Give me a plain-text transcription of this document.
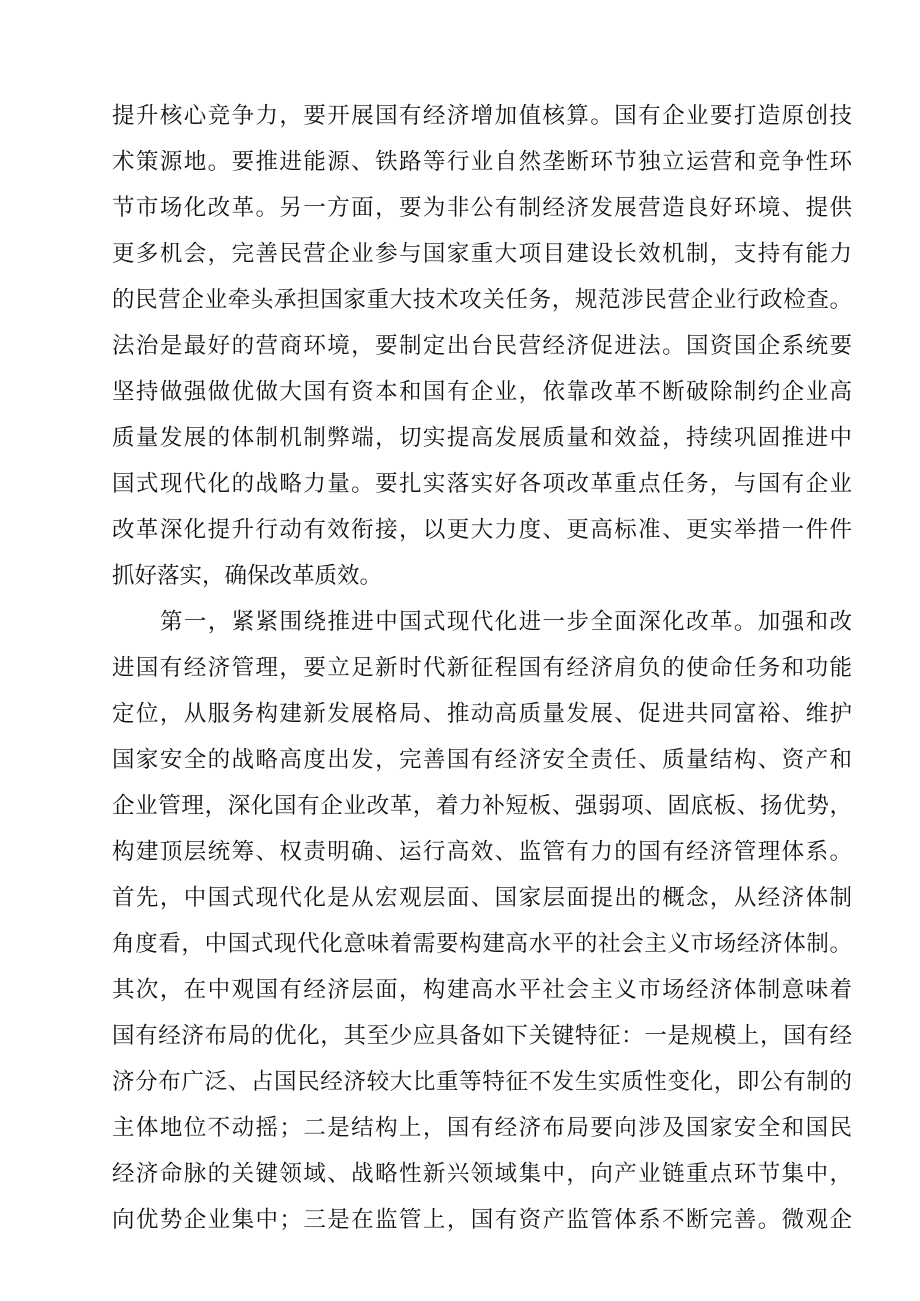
提升核心竞争力，要开展国有经济增加值核算。国有企业要打造原创技
术策源地。要推进能源、铁路等行业自然垄断环节独立运营和竞争性环
节市场化改革。另一方面，要为非公有制经济发展营造良好环境、提供
更多机会，完善民营企业参与国家重大项目建设长效机制，支持有能力
的民营企业牵头承担国家重大技术攻关任务，规范涉民营企业行政检查。
法治是最好的营商环境，要制定出台民营经济促进法。国资国企系统要
坚持做强做优做大国有资本和国有企业，依靠改革不断破除制约企业高
质量发展的体制机制弊端，切实提高发展质量和效益，持续巩固推进中
国式现代化的战略力量。要扎实落实好各项改革重点任务，与国有企业
改革深化提升行动有效衔接，以更大力度、更高标准、更实举措一件件
抓好落实，确保改革质效。
第一，紧紧围绕推进中国式现代化进一步全面深化改革。加强和改
进国有经济管理，要立足新时代新征程国有经济肩负的使命任务和功能
定位，从服务构建新发展格局、推动高质量发展、促进共同富裕、维护
国家安全的战略高度出发，完善国有经济安全责任、质量结构、资产和
企业管理，深化国有企业改革，着力补短板、强弱项、固底板、扬优势，
构建顶层统筹、权责明确、运行高效、监管有力的国有经济管理体系。
首先，中国式现代化是从宏观层面、国家层面提出的概念，从经济体制
角度看，中国式现代化意味着需要构建高水平的社会主义市场经济体制。
其次，在中观国有经济层面，构建高水平社会主义市场经济体制意味着
国有经济布局的优化，其至少应具备如下关键特征：一是规模上，国有经
济分布广泛、占国民经济较大比重等特征不发生实质性变化，即公有制的
主体地位不动摇；二是结构上，国有经济布局要向涉及国家安全和国民
经济命脉的关键领域、战略性新兴领域集中，向产业链重点环节集中，
向优势企业集中；三是在监管上，国有资产监管体系不断完善。微观企
